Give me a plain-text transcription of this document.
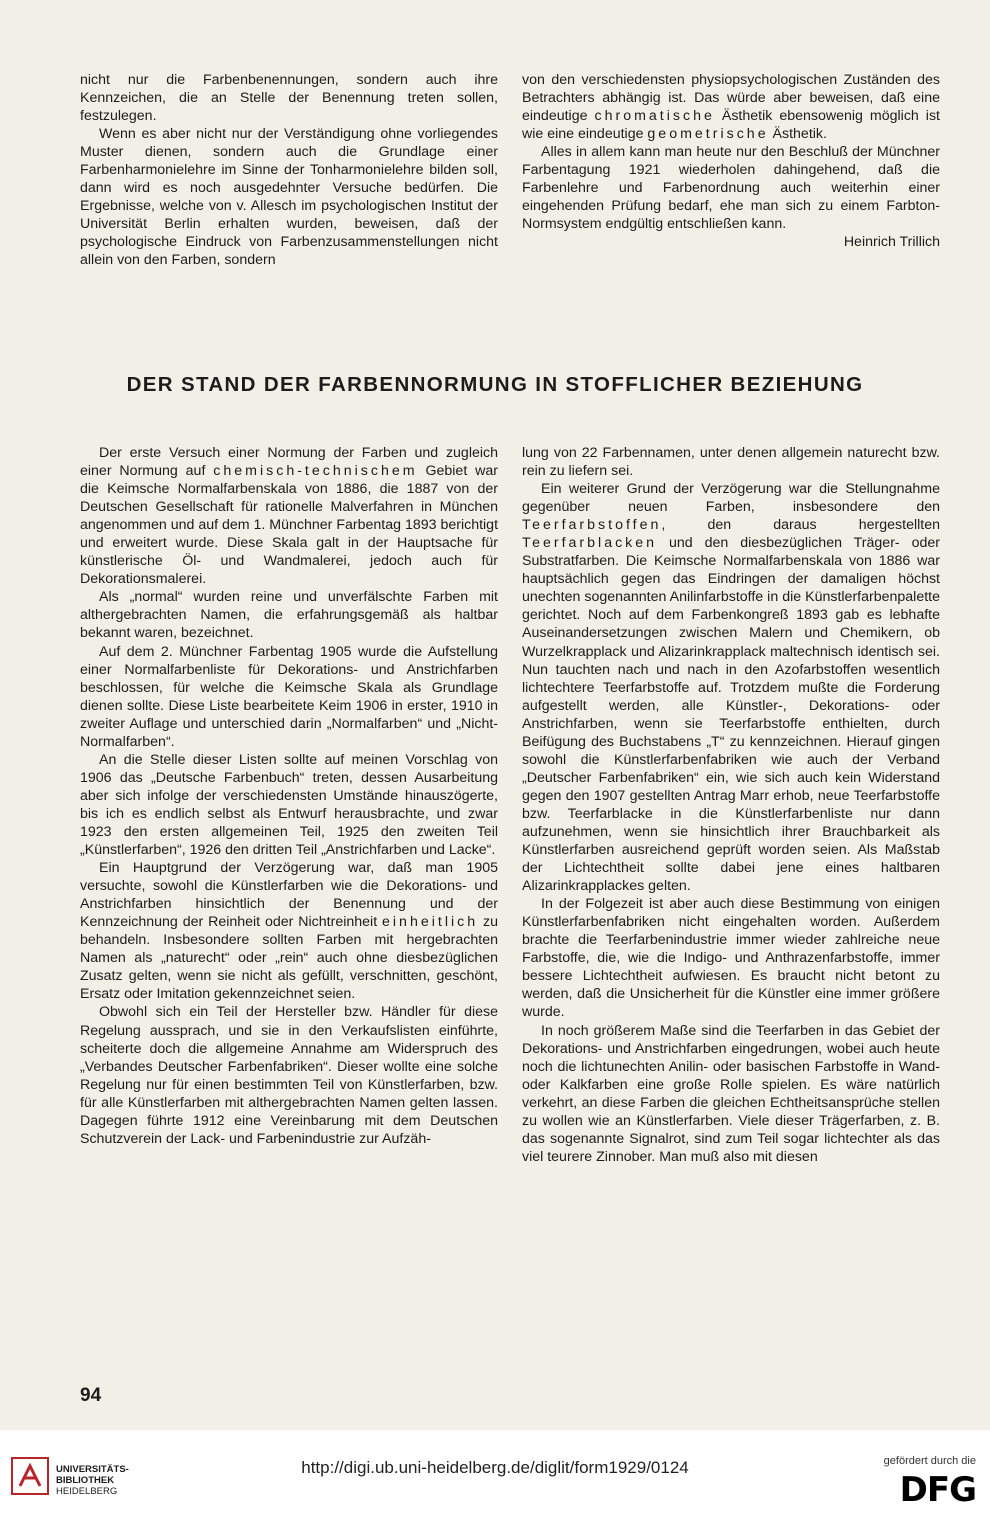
nicht nur die Farbenbenennungen, sondern auch ihre Kennzeichen, die an Stelle der Benennung treten sollen, festzulegen.

Wenn es aber nicht nur der Verständigung ohne vorliegendes Muster dienen, sondern auch die Grundlage einer Farbenharmonielehre im Sinne der Tonharmonielehre bilden soll, dann wird es noch ausgedehnter Versuche bedürfen. Die Ergebnisse, welche von v. Allesch im psychologischen Institut der Universität Berlin erhalten wurden, beweisen, daß der psychologische Eindruck von Farbenzusammenstellungen nicht allein von den Farben, sondern

von den verschiedensten physiopsychologischen Zuständen des Betrachters abhängig ist. Das würde aber beweisen, daß eine eindeutige chromatische Ästhetik ebensowenig möglich ist wie eine eindeutige geometrische Ästhetik.

Alles in allem kann man heute nur den Beschluß der Münchner Farbentagung 1921 wiederholen dahingehend, daß die Farbenlehre und Farbenordnung auch weiterhin einer eingehenden Prüfung bedarf, ehe man sich zu einem Farbton-Normsystem endgültig entschließen kann.

Heinrich Trillich

DER STAND DER FARBENNORMUNG IN STOFFLICHER BEZIEHUNG

Der erste Versuch einer Normung der Farben und zugleich einer Normung auf chemisch-technischem Gebiet war die Keimsche Normalfarbenskala von 1886, die 1887 von der Deutschen Gesellschaft für rationelle Malverfahren in München angenommen und auf dem 1. Münchner Farbentag 1893 berichtigt und erweitert wurde. Diese Skala galt in der Hauptsache für künstlerische Öl- und Wandmalerei, jedoch auch für Dekorationsmalerei.

Als „normal“ wurden reine und unverfälschte Farben mit althergebrachten Namen, die erfahrungsgemäß als haltbar bekannt waren, bezeichnet.

Auf dem 2. Münchner Farbentag 1905 wurde die Aufstellung einer Normalfarbenliste für Dekorations- und Anstrichfarben beschlossen, für welche die Keimsche Skala als Grundlage dienen sollte. Diese Liste bearbeitete Keim 1906 in erster, 1910 in zweiter Auflage und unterschied darin „Normalfarben“ und „Nicht-Normalfarben“.

An die Stelle dieser Listen sollte auf meinen Vorschlag von 1906 das „Deutsche Farbenbuch“ treten, dessen Ausarbeitung aber sich infolge der verschiedensten Umstände hinauszögerte, bis ich es endlich selbst als Entwurf herausbrachte, und zwar 1923 den ersten allgemeinen Teil, 1925 den zweiten Teil „Künstlerfarben“, 1926 den dritten Teil „Anstrichfarben und Lacke“.

Ein Hauptgrund der Verzögerung war, daß man 1905 versuchte, sowohl die Künstlerfarben wie die Dekorations- und Anstrichfarben hinsichtlich der Benennung und der Kennzeichnung der Reinheit oder Nichtreinheit einheitlich zu behandeln. Insbesondere sollten Farben mit hergebrachten Namen als „naturecht“ oder „rein“ auch ohne diesbezüglichen Zusatz gelten, wenn sie nicht als gefüllt, verschnitten, geschönt, Ersatz oder Imitation gekennzeichnet seien.

Obwohl sich ein Teil der Hersteller bzw. Händler für diese Regelung aussprach, und sie in den Verkaufslisten einführte, scheiterte doch die allgemeine Annahme am Widerspruch des „Verbandes Deutscher Farbenfabriken“. Dieser wollte eine solche Regelung nur für einen bestimmten Teil von Künstlerfarben, bzw. für alle Künstlerfarben mit althergebrachten Namen gelten lassen. Dagegen führte 1912 eine Vereinbarung mit dem Deutschen Schutzverein der Lack- und Farbenindustrie zur Aufzäh-

lung von 22 Farbennamen, unter denen allgemein naturecht bzw. rein zu liefern sei.

Ein weiterer Grund der Verzögerung war die Stellungnahme gegenüber neuen Farben, insbesondere den Teerfarbstoffen, den daraus hergestellten Teerfarblacken und den diesbezüglichen Träger- oder Substratfarben. Die Keimsche Normalfarbenskala von 1886 war hauptsächlich gegen das Eindringen der damaligen höchst unechten sogenannten Anilinfarbstoffe in die Künstlerfarbenpalette gerichtet. Noch auf dem Farbenkongreß 1893 gab es lebhafte Auseinandersetzungen zwischen Malern und Chemikern, ob Wurzelkrapplack und Alizarinkrapplack maltechnisch identisch sei. Nun tauchten nach und nach in den Azofarbstoffen wesentlich lichtechtere Teerfarbstoffe auf. Trotzdem mußte die Forderung aufgestellt werden, alle Künstler-, Dekorations- oder Anstrichfarben, wenn sie Teerfarbstoffe enthielten, durch Beifügung des Buchstabens „T“ zu kennzeichnen. Hierauf gingen sowohl die Künstlerfarbenfabriken wie auch der Verband „Deutscher Farbenfabriken“ ein, wie sich auch kein Widerstand gegen den 1907 gestellten Antrag Marr erhob, neue Teerfarbstoffe bzw. Teerfarblacke in die Künstlerfarbenliste nur dann aufzunehmen, wenn sie hinsichtlich ihrer Brauchbarkeit als Künstlerfarben ausreichend geprüft worden seien. Als Maßstab der Lichtechtheit sollte dabei jene eines haltbaren Alizarinkrapplackes gelten.

In der Folgezeit ist aber auch diese Bestimmung von einigen Künstlerfarbenfabriken nicht eingehalten worden. Außerdem brachte die Teerfarbenindustrie immer wieder zahlreiche neue Farbstoffe, die, wie die Indigo- und Anthrazenfarbstoffe, immer bessere Lichtechtheit aufwiesen. Es braucht nicht betont zu werden, daß die Unsicherheit für die Künstler eine immer größere wurde.

In noch größerem Maße sind die Teerfarben in das Gebiet der Dekorations- und Anstrichfarben eingedrungen, wobei auch heute noch die lichtunechten Anilin- oder basischen Farbstoffe in Wand- oder Kalkfarben eine große Rolle spielen. Es wäre natürlich verkehrt, an diese Farben die gleichen Echtheitsansprüche stellen zu wollen wie an Künstlerfarben. Viele dieser Trägerfarben, z. B. das sogenannte Signalrot, sind zum Teil sogar lichtechter als das viel teurere Zinnober. Man muß also mit diesen

94
UNIVERSITÄTS-
BIBLIOTHEK
HEIDELBERG
http://digi.ub.uni-heidelberg.de/diglit/form1929/0124	gefördert durch die
DFG
